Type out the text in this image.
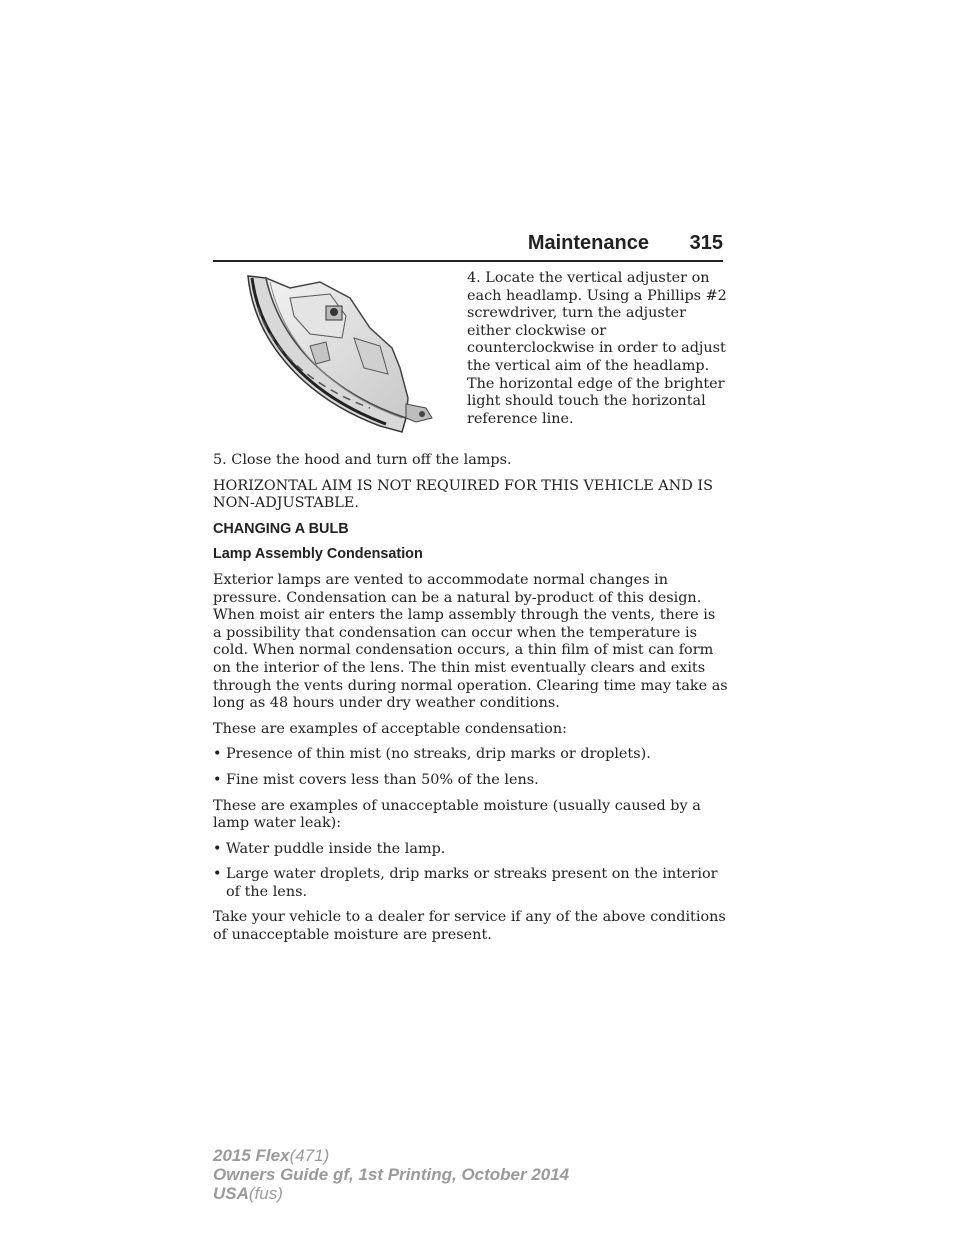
Maintenance 315
4. Locate the vertical adjuster on each headlamp. Using a Phillips #2 screwdriver, turn the adjuster either clockwise or counterclockwise in order to adjust the vertical aim of the headlamp. The horizontal edge of the brighter light should touch the horizontal reference line.

5. Close the hood and turn off the lamps.

HORIZONTAL AIM IS NOT REQUIRED FOR THIS VEHICLE AND IS NON-ADJUSTABLE.

CHANGING A BULB
Lamp Assembly Condensation

Exterior lamps are vented to accommodate normal changes in pressure. Condensation can be a natural by-product of this design. When moist air enters the lamp assembly through the vents, there is a possibility that condensation can occur when the temperature is cold. When normal condensation occurs, a thin film of mist can form on the interior of the lens. The thin mist eventually clears and exits through the vents during normal operation. Clearing time may take as long as 48 hours under dry weather conditions.

These are examples of acceptable condensation:

• Presence of thin mist (no streaks, drip marks or droplets).
• Fine mist covers less than 50% of the lens.

These are examples of unacceptable moisture (usually caused by a lamp water leak):

• Water puddle inside the lamp.
• Large water droplets, drip marks or streaks present on the interior of the lens.

Take your vehicle to a dealer for service if any of the above conditions of unacceptable moisture are present.

2015 Flex(471)
Owners Guide gf, 1st Printing, October 2014
USA(fus)
